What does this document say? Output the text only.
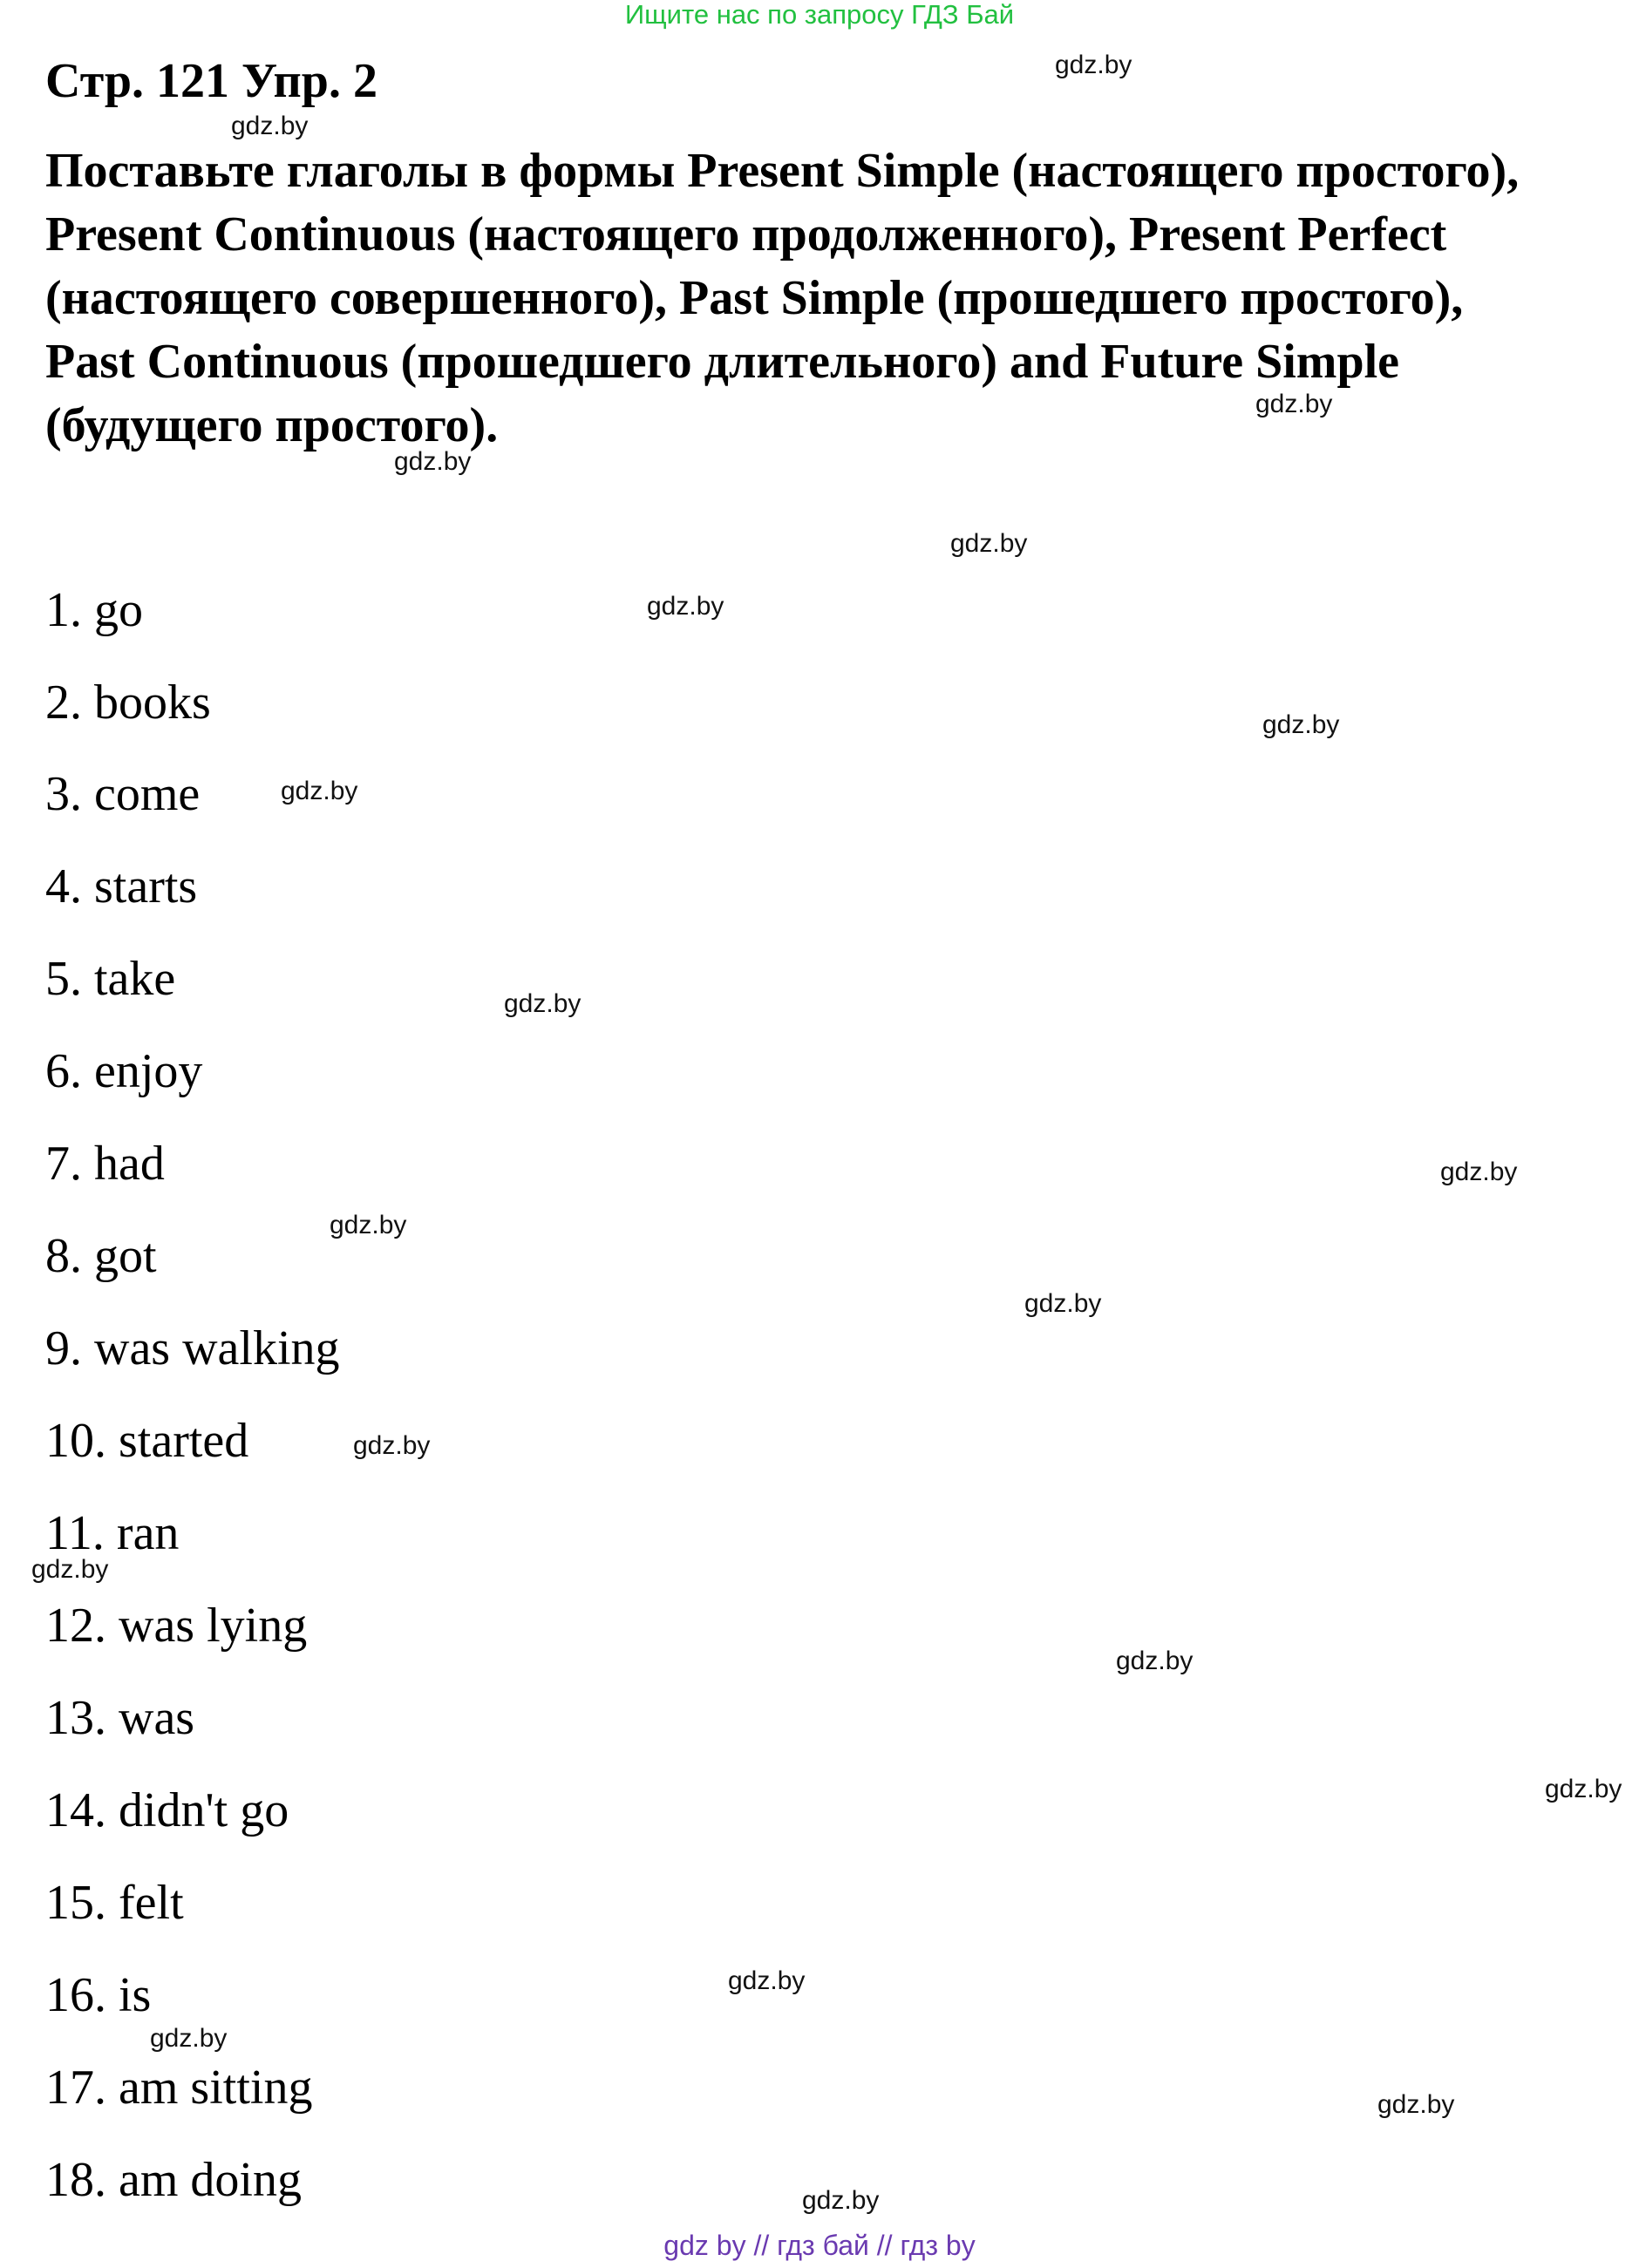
Ищите нас по запросу ГДЗ Бай
Стр. 121 Упр. 2
Поставьте глаголы в формы Present Simple (настоящего простого), Present Continuous (настоящего продолженного), Present Perfect (настоящего совершенного), Past Simple (прошедшего простого), Past Continuous (прошедшего длительного) and Future Simple (будущего простого).
1. go
2. books
3. come
4. starts
5. take
6. enjoy
7. had
8. got
9. was walking
10. started
11. ran
12. was lying
13. was
14. didn't go
15. felt
16. is
17. am sitting
18. am doing
gdz.by
gdz.by
gdz.by
gdz.by
gdz.by
gdz.by
gdz.by
gdz.by
gdz.by
gdz.by
gdz.by
gdz.by
gdz.by
gdz.by
gdz.by
gdz.by
gdz.by
gdz.by
gdz.by
gdz.by
gdz by // гдз бай // гдз by
